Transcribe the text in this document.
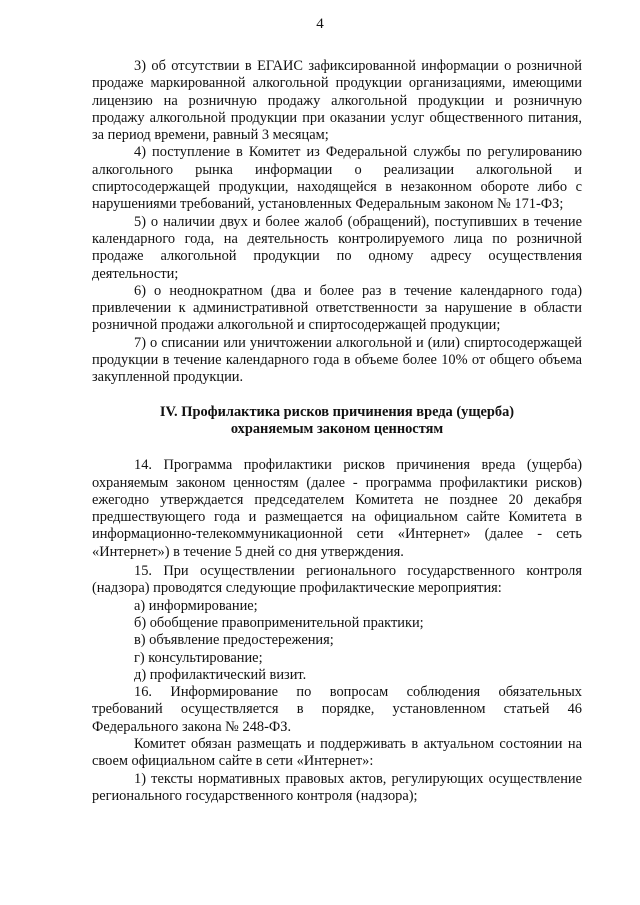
4

3) об отсутствии в ЕГАИС зафиксированной информации о розничной продаже маркированной алкогольной продукции организациями, имеющими лицензию на розничную продажу алкогольной продукции и розничную продажу алкогольной продукции при оказании услуг общественного питания, за период времени, равный 3 месяцам;

4) поступление в Комитет из Федеральной службы по регулированию алкогольного рынка информации о реализации алкогольной и спиртосодержащей продукции, находящейся в незаконном обороте либо с нарушениями требований, установленных Федеральным законом № 171-ФЗ;

5) о наличии двух и более жалоб (обращений), поступивших в течение календарного года, на деятельность контролируемого лица по розничной продаже алкогольной продукции по одному адресу осуществления деятельности;

6) о неоднократном (два и более раз в течение календарного года) привлечении к административной ответственности за нарушение в области розничной продажи алкогольной и спиртосодержащей продукции;

7) о списании или уничтожении алкогольной и (или) спиртосодержащей продукции в течение календарного года в объеме более 10% от общего объема закупленной продукции.

IV. Профилактика рисков причинения вреда (ущерба)
охраняемым законом ценностям

14. Программа профилактики рисков причинения вреда (ущерба) охраняемым законом ценностям (далее - программа профилактики рисков) ежегодно утверждается председателем Комитета не позднее 20 декабря предшествующего года и размещается на официальном сайте Комитета в информационно-телекоммуникационной сети «Интернет» (далее - сеть «Интернет») в течение 5 дней со дня утверждения.

15. При осуществлении регионального государственного контроля (надзора) проводятся следующие профилактические мероприятия:

а) информирование;

б) обобщение правоприменительной практики;

в) объявление предостережения;

г) консультирование;

д) профилактический визит.

16. Информирование по вопросам соблюдения обязательных требований осуществляется в порядке, установленном статьей 46 Федерального закона № 248-ФЗ.

Комитет обязан размещать и поддерживать в актуальном состоянии на своем официальном сайте в сети «Интернет»:

1) тексты нормативных правовых актов, регулирующих осуществление регионального государственного контроля (надзора);
